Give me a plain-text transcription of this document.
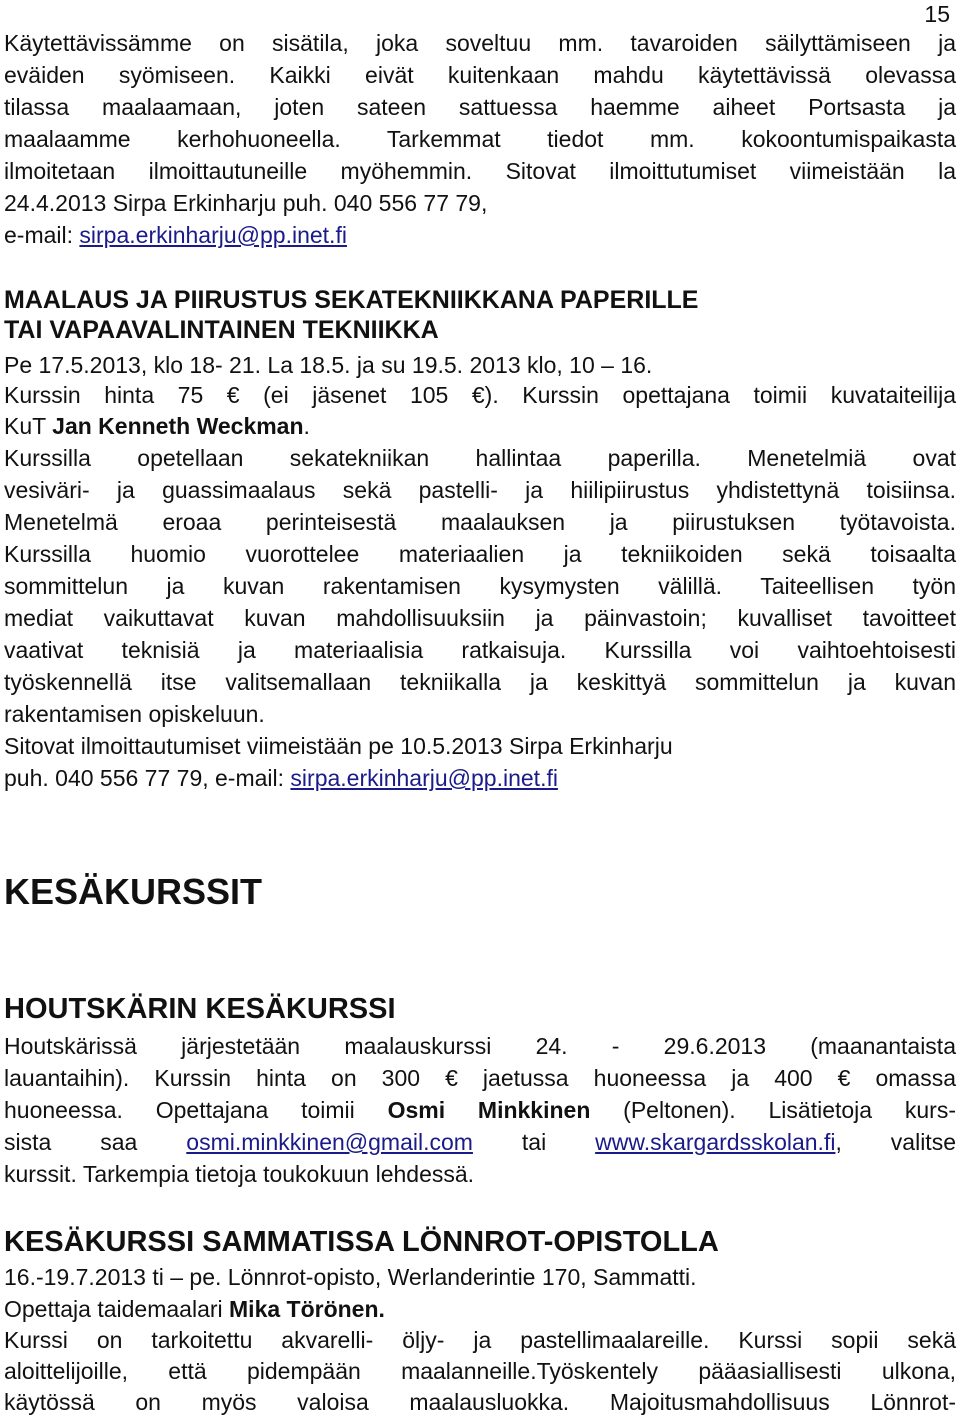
15
Käytettävissämme on sisätila, joka soveltuu mm. tavaroiden säilyttämiseen ja
eväiden syömiseen. Kaikki eivät kuitenkaan mahdu käytettävissä olevassa
tilassa maalaamaan, joten sateen sattuessa haemme aiheet Portsasta ja
maalaamme kerhohuoneella. Tarkemmat tiedot mm. kokoontumispaikasta
ilmoitetaan ilmoittautuneille myöhemmin. Sitovat ilmoittutumiset viimeistään la
24.4.2013 Sirpa Erkinharju puh. 040 556 77 79,
e-mail: sirpa.erkinharju@pp.inet.fi
MAALAUS JA PIIRUSTUS SEKATEKNIIKKANA PAPERILLE
TAI VAPAAVALINTAINEN TEKNIIKKA
Pe 17.5.2013, klo 18- 21. La 18.5. ja su 19.5. 2013 klo, 10 – 16.
Kurssin hinta 75 € (ei jäsenet 105 €). Kurssin opettajana toimii kuvataiteilija
KuT Jan Kenneth Weckman.
Kurssilla opetellaan sekatekniikan hallintaa paperilla. Menetelmiä ovat
vesiväri- ja guassimaalaus sekä pastelli- ja hiilipiirustus yhdistettynä toisiinsa.
Menetelmä eroaa perinteisestä maalauksen ja piirustuksen työtavoista.
Kurssilla huomio vuorottelee materiaalien ja tekniikoiden sekä toisaalta
sommittelun ja kuvan rakentamisen kysymysten välillä. Taiteellisen työn
mediat vaikuttavat kuvan mahdollisuuksiin ja päinvastoin; kuvalliset tavoitteet
vaativat teknisiä ja materiaalisia ratkaisuja. Kurssilla voi vaihtoehtoisesti
työskennellä itse valitsemallaan tekniikalla ja keskittyä sommittelun ja kuvan
rakentamisen opiskeluun.
Sitovat ilmoittautumiset viimeistään pe 10.5.2013 Sirpa Erkinharju
puh. 040 556 77 79, e-mail: sirpa.erkinharju@pp.inet.fi
KESÄKURSSIT
HOUTSKÄRIN KESÄKURSSI
Houtskärissä järjestetään maalauskurssi 24. - 29.6.2013 (maanantaista
lauantaihin). Kurssin hinta on 300 € jaetussa huoneessa ja 400 € omassa
huoneessa. Opettajana toimii Osmi Minkkinen (Peltonen). Lisätietoja kurs-
sista saa osmi.minkkinen@gmail.com tai www.skargardsskolan.fi, valitse
kurssit. Tarkempia tietoja toukokuun lehdessä.
KESÄKURSSI SAMMATISSA LÖNNROT-OPISTOLLA
16.-19.7.2013 ti – pe. Lönnrot-opisto, Werlanderintie 170, Sammatti.
Opettaja taidemaalari Mika Törönen.
Kurssi on tarkoitettu akvarelli- öljy- ja pastellimaalareille. Kurssi sopii sekä
aloittelijoille, että pidempään maalanneille.Työskentely pääasiallisesti ulkona,
käytössä on myös valoisa maalausluokka. Majoitusmahdollisuus Lönnrot-
